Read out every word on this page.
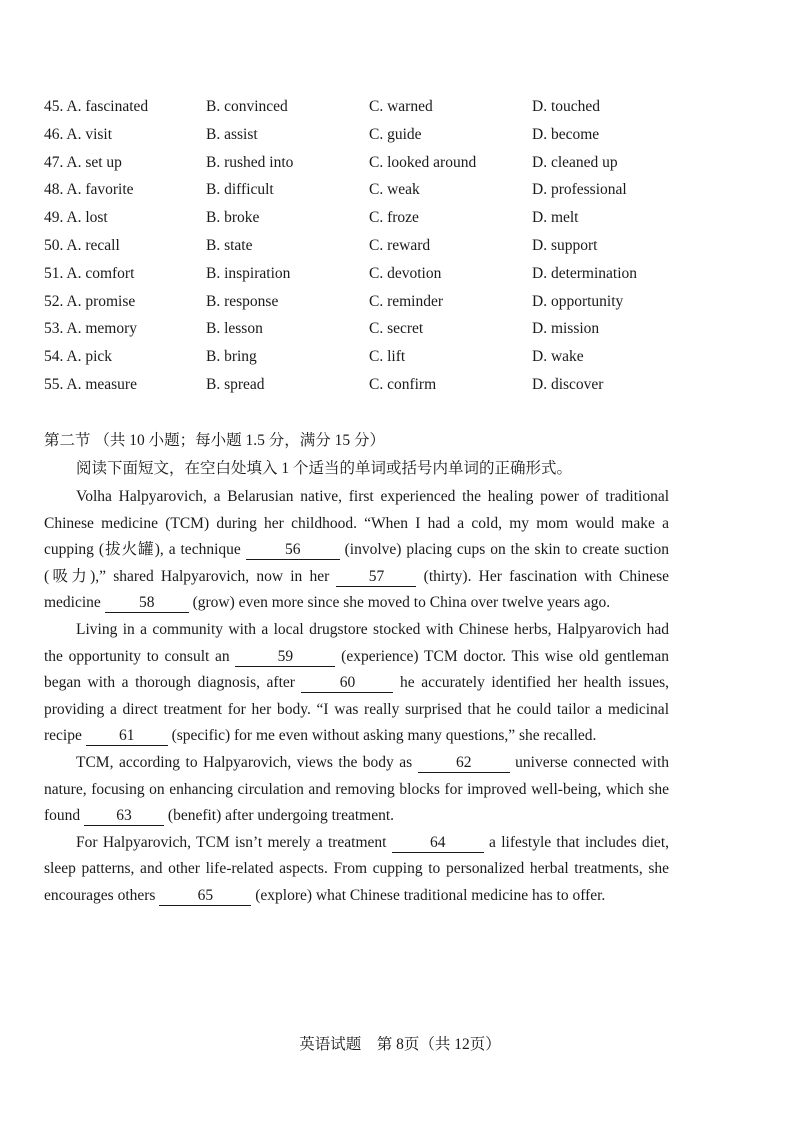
45. A. fascinated	B. convinced	C. warned	D. touched
46. A. visit	B. assist	C. guide	D. become
47. A. set up	B. rushed into	C. looked around	D. cleaned up
48. A. favorite	B. difficult	C. weak	D. professional
49. A. lost	B. broke	C. froze	D. melt
50. A. recall	B. state	C. reward	D. support
51. A. comfort	B. inspiration	C. devotion	D. determination
52. A. promise	B. response	C. reminder	D. opportunity
53. A. memory	B. lesson	C. secret	D. mission
54. A. pick	B. bring	C. lift	D. wake
55. A. measure	B. spread	C. confirm	D. discover
第二节 （共 10 小题；每小题 1.5 分，满分 15 分）
阅读下面短文，在空白处填入 1 个适当的单词或括号内单词的正确形式。

Volha Halpyarovich, a Belarusian native, first experienced the healing power of traditional Chinese medicine (TCM) during her childhood. “When I had a cold, my mom would make a cupping (拔火罐), a technique	56	(involve) placing cups on the skin to create suction (吸力),” shared Halpyarovich, now in her 57 (thirty). Her fascination with Chinese medicine 58 (grow) even more since she moved to China over twelve years ago.

Living in a community with a local drugstore stocked with Chinese herbs, Halpyarovich had the opportunity to consult an	59	(experience) TCM doctor. This wise old gentleman began with a thorough diagnosis, after 60 he accurately identified her health issues, providing a direct treatment for her body. “I was really surprised that he could tailor a medicinal recipe 61 (specific) for me even without asking many questions,” she recalled.

TCM, according to Halpyarovich, views the body as 62 universe connected with nature, focusing on enhancing circulation and removing blocks for improved well-being, which she found 63 (benefit) after undergoing treatment.

For Halpyarovich, TCM isn’t merely a treatment 64 a lifestyle that includes diet, sleep patterns, and other life-related aspects. From cupping to personalized herbal treatments, she encourages others 65 (explore) what Chinese traditional medicine has to offer.

英语试题　第 8页（共 12页）
